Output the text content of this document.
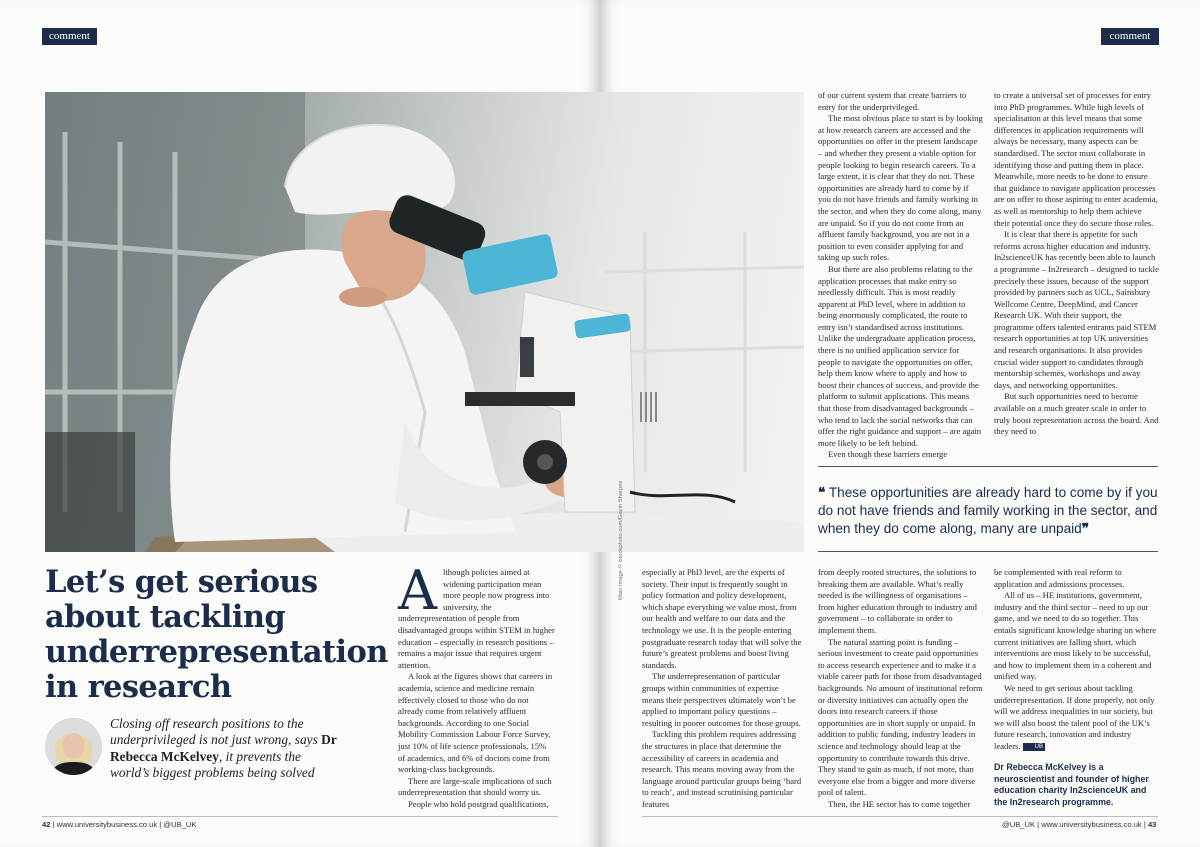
comment	comment
Let’s get serious about tackling underrepresentation in research
Closing off research positions to the underprivileged is not just wrong, says Dr Rebecca McKelvey, it prevents the world’s biggest problems being solved

Although policies aimed at widening participation mean more people now progress into university, the underrepresentation of people from disadvantaged groups within STEM in higher education – especially in research positions – remains a major issue that requires urgent attention.

A look at the figures shows that careers in academia, science and medicine remain effectively closed to those who do not already come from relatively affluent backgrounds. According to one Social Mobility Commission Labour Force Survey, just 10% of life science professionals, 15% of academics, and 6% of doctors come from working-class backgrounds.

There are large-scale implications of such underrepresentation that should worry us.

People who hold postgrad qualifications,

especially at PhD level, are the experts of society. Their input is frequently sought in policy formation and policy development, which shape everything we value most, from our health and welfare to our data and the technology we use. It is the people entering postgraduate research today that will solve the future’s greatest problems and boost living standards.

The underrepresentation of particular groups within communities of expertise means their perspectives ultimately won’t be applied to important policy questions – resulting in poorer outcomes for those groups.

Tackling this problem requires addressing the structures in place that determine the accessibility of careers in academia and research. This means moving away from the language around particular groups being ‘hard to reach’, and instead scrutinising particular features

Main image © istockphoto.com/Gavin Sharpes

of our current system that create barriers to entry for the underprivileged.

The most obvious place to start is by looking at how research careers are accessed and the opportunities on offer in the present landscape – and whether they present a viable option for people looking to begin research careers. To a large extent, it is clear that they do not. These opportunities are already hard to come by if you do not have friends and family working in the sector, and when they do come along, many are unpaid. So if you do not come from an affluent family background, you are not in a position to even consider applying for and taking up such roles.

But there are also problems relating to the application processes that make entry so needlessly difficult. This is most readily apparent at PhD level, where in addition to being enormously complicated, the route to entry isn’t standardised across institutions. Unlike the undergraduate application process, there is no unified application service for people to navigate the opportunities on offer, help them know where to apply and how to boost their chances of success, and provide the platform to submit applications. This means that those from disadvantaged backgrounds – who tend to lack the social networks that can offer the right guidance and support – are again more likely to be left behind.

Even though these barriers emerge

to create a universal set of processes for entry into PhD programmes. While high levels of specialisation at this level means that some differences in application requirements will always be necessary, many aspects can be standardised. The sector must collaborate in identifying those and putting them in place. Meanwhile, more needs to be done to ensure that guidance to navigate application processes are on offer to those aspiring to enter academia, as well as mentorship to help them achieve their potential once they do secure those roles.

It is clear that there is appetite for such reforms across higher education and industry. In2scienceUK has recently been able to launch a programme – In2research – designed to tackle precisely these issues, because of the support provided by partners such as UCL, Sainsbury Wellcome Centre, DeepMind, and Cancer Research UK. With their support, the programme offers talented entrants paid STEM research opportunities at top UK universities and research organisations. It also provides crucial wider support to candidates through mentorship schemes, workshops and away days, and networking opportunities.

But such opportunities need to become available on a much greater scale in order to truly boost representation across the board. And they need to

❝ These opportunities are already hard to come by if you do not have friends and family working in the sector, and when they do come along, many are unpaid❞

from deeply rooted structures, the solutions to breaking them are available. What’s really needed is the willingness of organisations – from higher education through to industry and government – to collaborate in order to implement them.

The natural starting point is funding – serious investment to create paid opportunities to access research experience and to make it a viable career path for those from disadvantaged backgrounds. No amount of institutional reform or diversity initiatives can actually open the doors into research careers if those opportunities are in short supply or unpaid. In addition to public funding, industry leaders in science and technology should leap at the opportunity to contribute towards this drive. They stand to gain as much, if not more, than everyone else from a bigger and more diverse pool of talent.

Then, the HE sector has to come together

be complemented with real reform to application and admissions processes.

All of us – HE institutions, government, industry and the third sector – need to up our game, and we need to do so together. This entails significant knowledge sharing on where current initiatives are falling short, which interventions are most likely to be successful, and how to implement them in a coherent and unified way.

We need to get serious about tackling underrepresentation. If done properly, not only will we address inequalities in our society, but we will also boost the talent pool of the UK’s future research, innovation and industry leaders. UB

Dr Rebecca McKelvey is a neuroscientist and founder of higher education charity In2scienceUK and the In2research programme.
42 | www.universitybusiness.co.uk | @UB_UK	@UB_UK | www.universitybusiness.co.uk | 43
